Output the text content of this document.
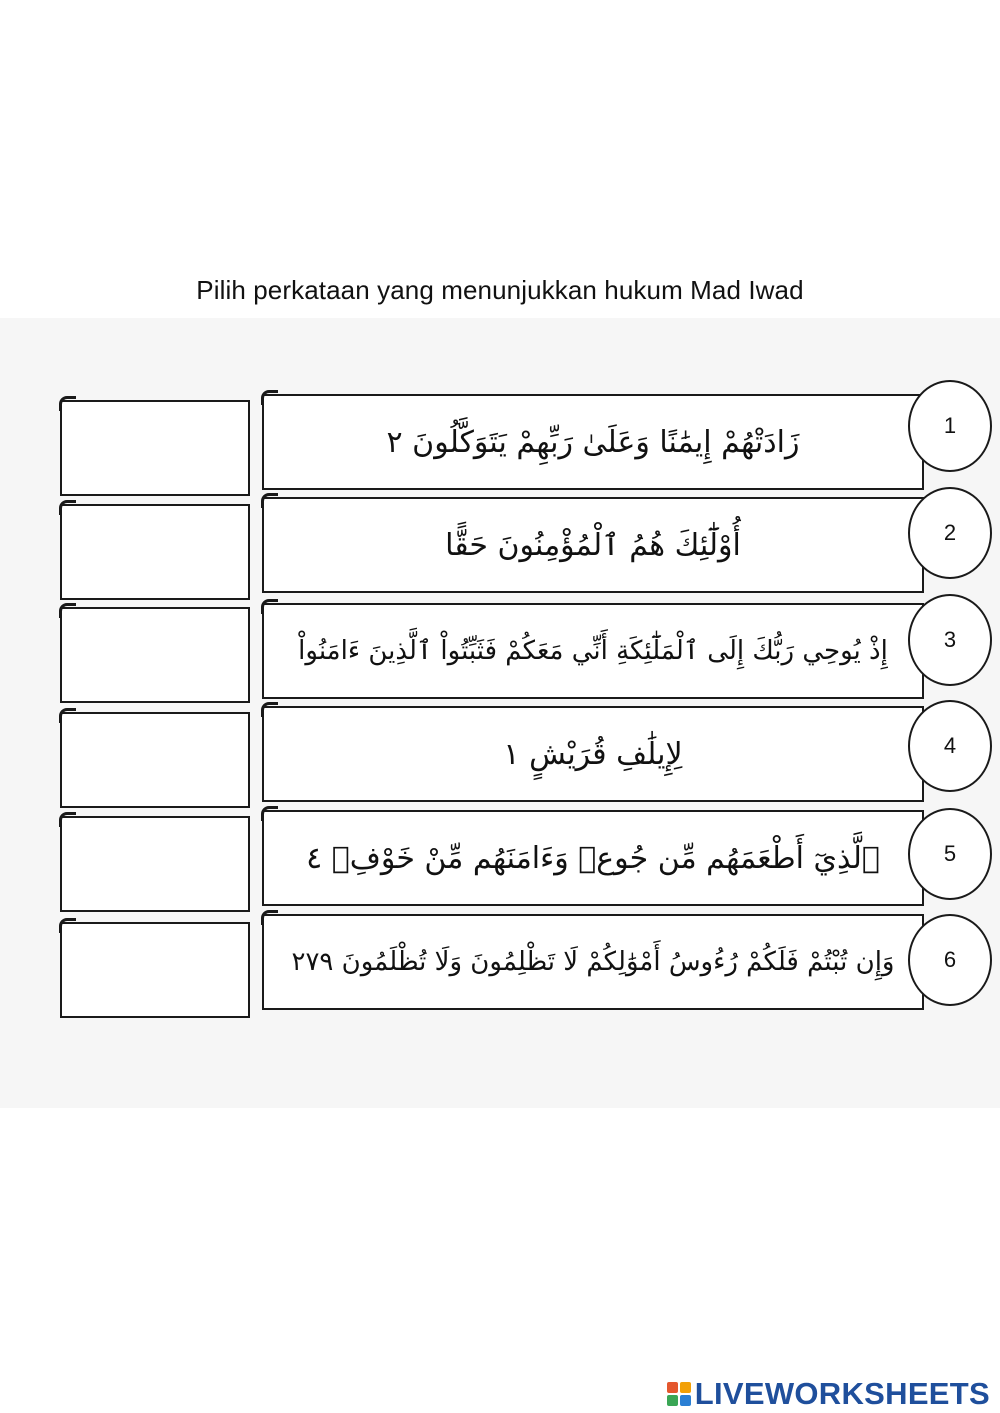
Pilih perkataan yang menunjukkan hukum Mad Iwad
زَادَتْهُمْ إِيمَٰنًا وَعَلَىٰ رَبِّهِمْ يَتَوَكَّلُونَ ٢	1
أُوْلَٰٓئِكَ هُمُ ٱلْمُؤْمِنُونَ حَقًّا	2
إِذْ يُوحِي رَبُّكَ إِلَى ٱلْمَلَٰٓئِكَةِ أَنِّي مَعَكُمْ فَثَبِّتُواْ ٱلَّذِينَ ءَامَنُواْ	3
لِإِيلَٰفِ قُرَيْشٍ ١	4
ٱلَّذِيٓ أَطْعَمَهُم مِّن جُوعٖ وَءَامَنَهُم مِّنْ خَوْفِۭ ٤	5
وَإِن تُبْتُمْ فَلَكُمْ رُءُوسُ أَمْوَٰلِكُمْ لَا تَظْلِمُونَ وَلَا تُظْلَمُونَ ٢٧٩	6
LIVEWORKSHEETS
